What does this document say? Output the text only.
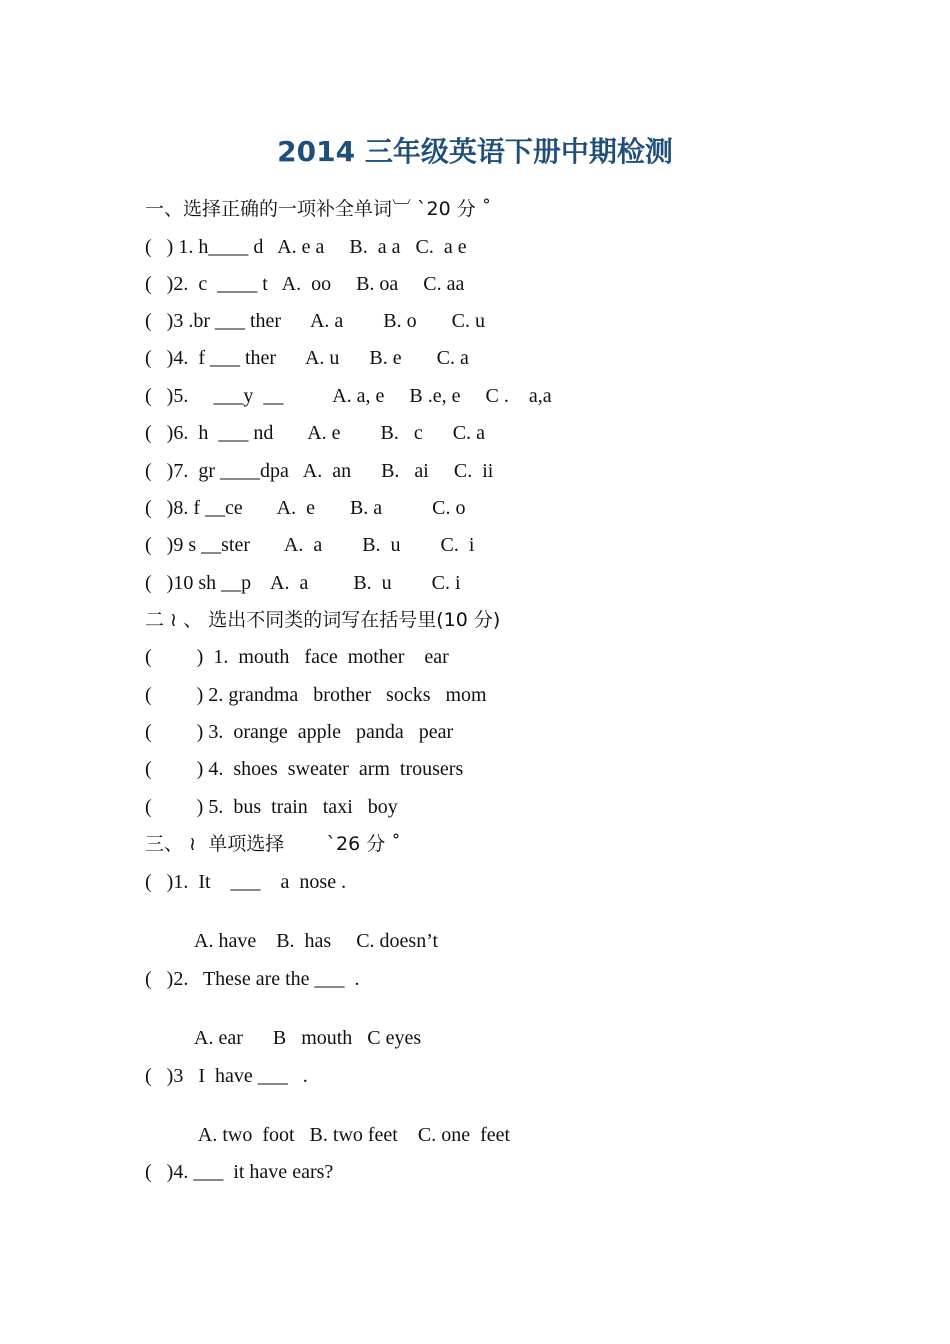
2014 三年级英语下册中期检测
一、选择正确的一项补全单词︺ ˋ20 分 ˚
(   ) 1. h____ d   A. e a     B.  a a   C.  a e
(   )2.  c  ____ t   A.  oo     B. oa     C. aa
(   )3 .br ___ ther      A. a        B. o       C. u
(   )4.  f ___ ther      A. u      B. e       C. a
(   )5.     ___y  __          A. a, e     B .e, e     C .    a,a
(   )6.  h  ___ nd       A. e        B.   c      C. a
(   )7.  gr ____dpa   A.  an      B.   ai     C.  ii
(   )8. f __ce       A.  e       B. a          C. o
(   )9 s __ster       A.  a        B.  u        C.  i
(   )10 sh __p    A.  a         B.  u        C. i
二 ≀ 、 选出不同类的词写在括号里(10 分)
(         )  1.  mouth   face  mother    ear
(         ) 2. grandma   brother   socks   mom
(         ) 3.  orange  apple   panda   pear
(         ) 4.  shoes  sweater  arm  trousers
(         ) 5.  bus  train   taxi   boy
三、 ≀  单项选择       ˋ26 分 ˚
(   )1.  It    ___    a  nose .
A. have    B.  has     C. doesn’t
(   )2.   These are the ___  .
A. ear      B   mouth   C eyes
(   )3   I  have ___   .
A. two  foot   B. two feet    C. one  feet
(   )4. ___  it have ears?
